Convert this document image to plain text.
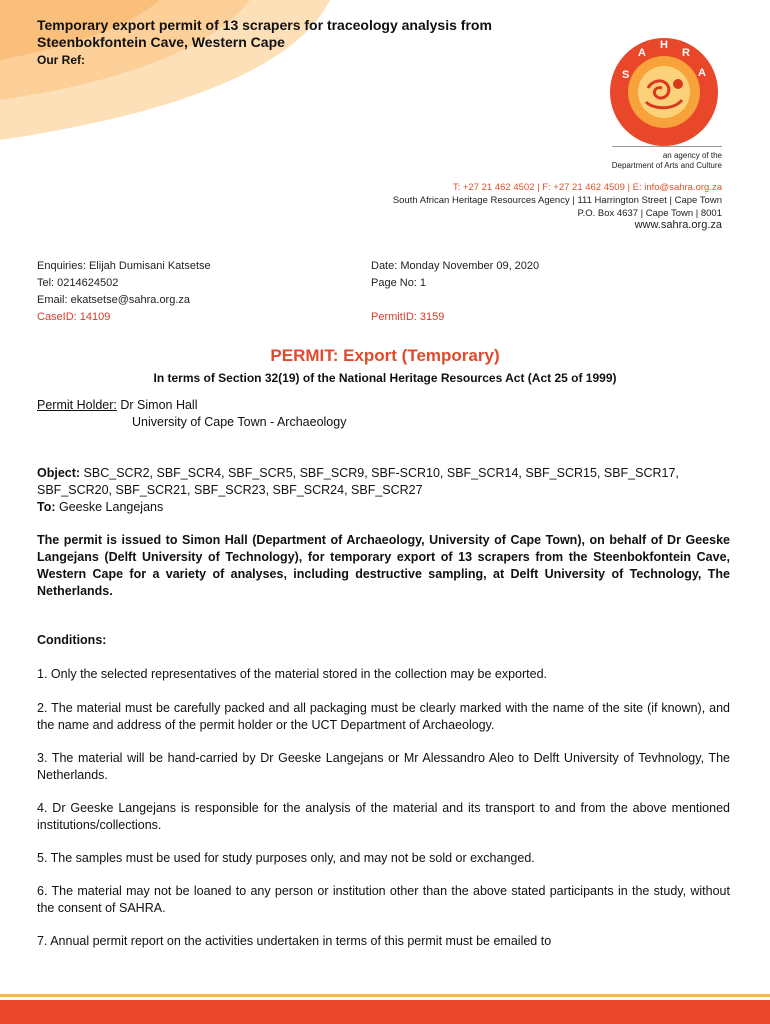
Temporary export permit of 13 scrapers for traceology analysis from Steenbokfontein Cave, Western Cape
Our Ref:
S
A
H
R
A
an agency of the
Department of Arts and Culture
T: +27 21 462 4502 | F: +27 21 462 4509 | E: info@sahra.org.za
South African Heritage Resources Agency | 111 Harrington Street | Cape Town
P.O. Box 4637 | Cape Town | 8001
www.sahra.org.za
Enquiries: Elijah Dumisani Katsetse
Tel: 0214624502
Email: ekatsetse@sahra.org.za
CaseID: 14109
Date: Monday November 09, 2020
Page No: 1
PermitID: 3159
PERMIT: Export (Temporary)
In terms of Section 32(19) of the National Heritage Resources Act (Act 25 of 1999)
Permit Holder: Dr Simon Hall
University of Cape Town - Archaeology
Object: SBC_SCR2, SBF_SCR4, SBF_SCR5, SBF_SCR9, SBF-SCR10, SBF_SCR14, SBF_SCR15, SBF_SCR17, SBF_SCR20, SBF_SCR21, SBF_SCR23, SBF_SCR24, SBF_SCR27
To: Geeske Langejans
The permit is issued to Simon Hall (Department of Archaeology, University of Cape Town), on behalf of Dr Geeske Langejans (Delft University of Technology), for temporary export of 13 scrapers from the Steenbokfontein Cave, Western Cape for a variety of analyses, including destructive sampling, at Delft University of Technology, The Netherlands.
Conditions:
1. Only the selected representatives of the material stored in the collection may be exported.
2. The material must be carefully packed and all packaging must be clearly marked with the name of the site (if known), and the name and address of the permit holder or the UCT Department of Archaeology.
3. The material will be hand-carried by Dr Geeske Langejans or Mr Alessandro Aleo to Delft University of Tevhnology, The Netherlands.
4. Dr Geeske Langejans is responsible for the analysis of the material and its transport to and from the above mentioned institutions/collections.
5. The samples must be used for study purposes only, and may not be sold or exchanged.
6. The material may not be loaned to any person or institution other than the above stated participants in the study, without the consent of SAHRA.
7. Annual permit report on the activities undertaken in terms of this permit must be emailed to
